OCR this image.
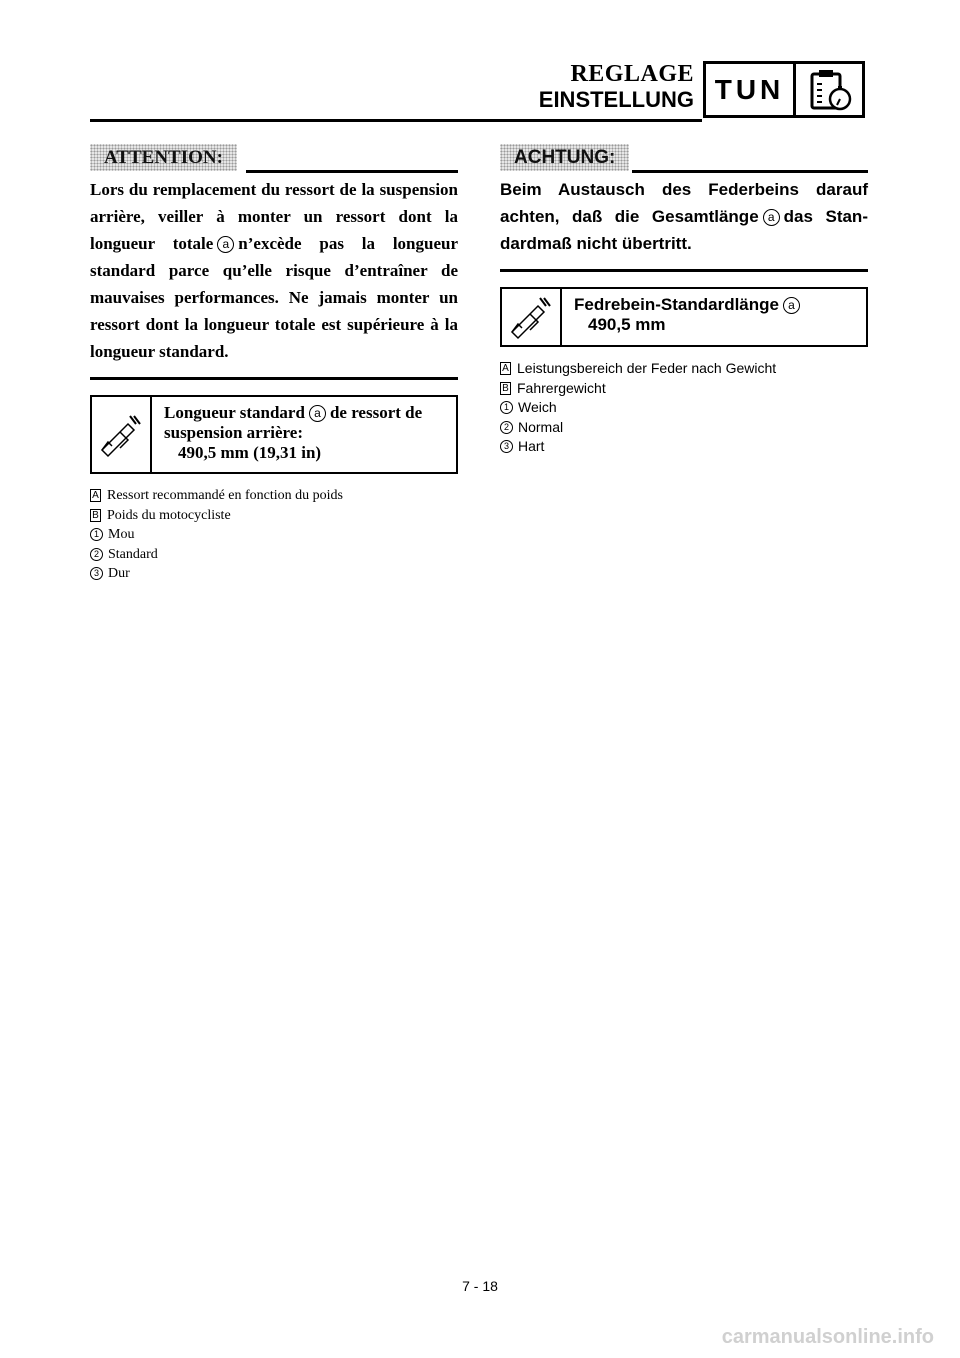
REGLAGE
EINSTELLUNG TUN
ATTENTION:
Lors du remplacement du ressort de la suspension arrière, veiller à monter un ressort dont la longueur totale a n’excède pas la longueur standard parce qu’elle risque d’entraîner de mauvaises performances. Ne jamais monter un ressort dont la longueur totale est supérieure à la longueur standard.
Longueur standard a de ressort de suspension arrière:
490,5 mm (19,31 in)
A Ressort recommandé en fonction du poids
B Poids du motocycliste
1 Mou
2 Standard
3 Dur
ACHTUNG:
Beim Austausch des Federbeins darauf achten, daß die Gesamtlänge a das Standardmaß nicht übertritt.
Fedrebein-Standardlänge a
490,5 mm
A Leistungsbereich der Feder nach Gewicht
B Fahrergewicht
1 Weich
2 Normal
3 Hart
7 - 18
carmanualsonline.info
